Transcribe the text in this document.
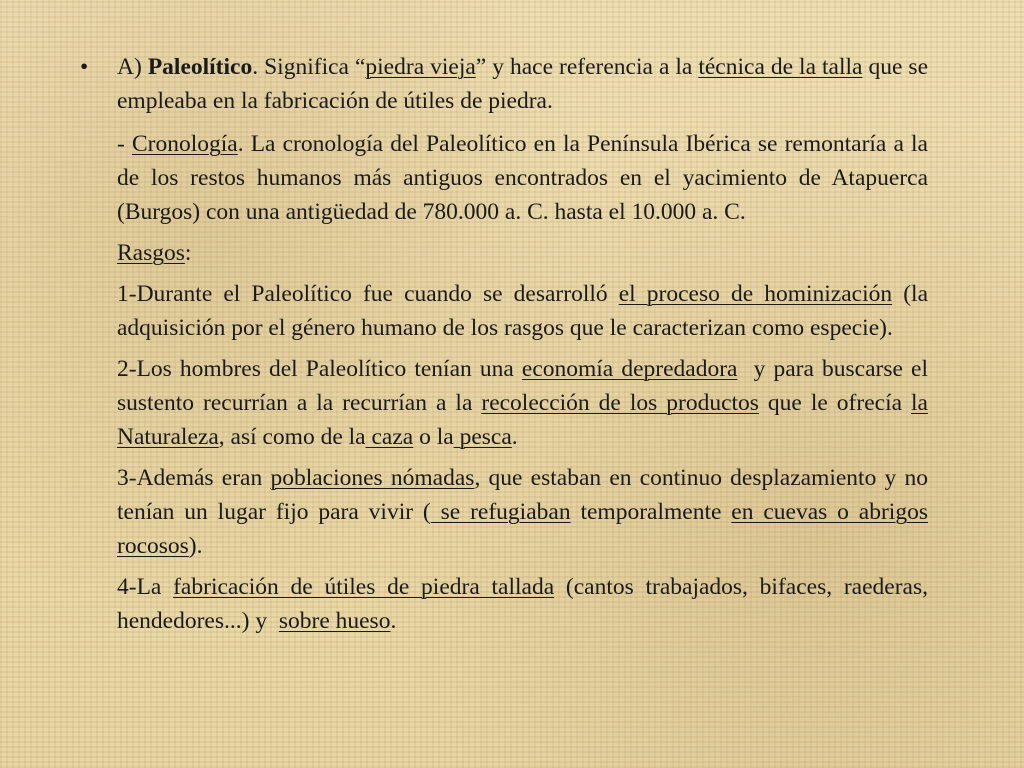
• A) Paleolítico. Significa “piedra vieja” y hace referencia a la técnica de la talla que se empleaba en la fabricación de útiles de piedra.

- Cronología. La cronología del Paleolítico en la Península Ibérica se remontaría a la de los restos humanos más antiguos encontrados en el yacimiento de Atapuerca (Burgos) con una antigüedad de 780.000 a. C. hasta el 10.000 a. C.

Rasgos:

1-Durante el Paleolítico fue cuando se desarrolló el proceso de hominización (la adquisición por el género humano de los rasgos que le caracterizan como especie).

2-Los hombres del Paleolítico tenían una economía depredadora  y para buscarse el sustento recurrían a la recurrían a la recolección de los productos que le ofrecía la Naturaleza, así como de la caza o la pesca.

3-Además eran poblaciones nómadas, que estaban en continuo desplazamiento y no tenían un lugar fijo para vivir ( se refugiaban temporalmente en cuevas o abrigos rocosos).

4-La fabricación de útiles de piedra tallada (cantos trabajados, bifaces, raederas, hendedores...) y  sobre hueso.
